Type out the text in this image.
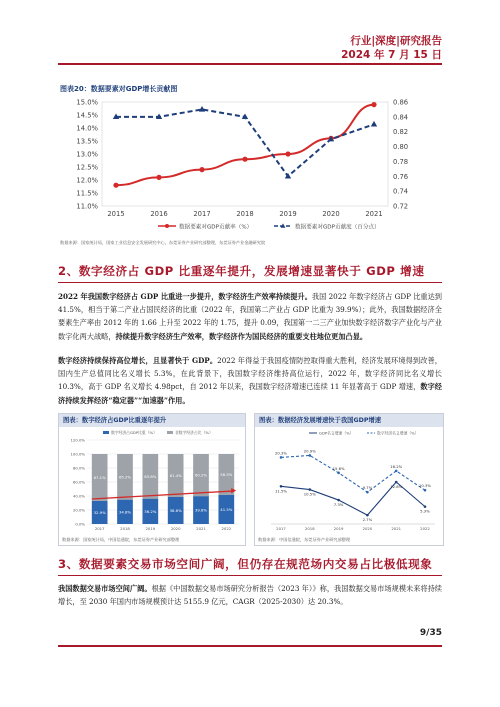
行业|深度|研究报告
2024 年 7 月 15 日
图表20：数据要素对GDP增长贡献图
11.0%
11.5%
12.0%
12.5%
13.0%
13.5%
14.0%
14.5%
15.0%
0.72
0.74
0.76
0.78
0.80
0.82
0.84
0.86
2015	2016	2017	2018	2019	2020	2021
数据要素对GDP贡献率（%）	数据要素对GDP贡献度（百分点）
数据来源：国家统计局，国家工业信息安全发展研究中心，东莞证券产业研究部整理，东莞证券产业金融研究院
2、数字经济占 GDP 比重逐年提升，发展增速显著快于 GDP 增速
2022 年我国数字经济占 GDP 比重进一步提升，数字经济生产效率持续提升。我国 2022 年数字经济占 GDP 比重达到 41.5%，相当于第二产业占国民经济的比重（2022 年，我国第二产业占 GDP 比重为 39.9%）；此外，我国数据经济全要素生产率由 2012 年的 1.66 上升至 2022 年的 1.75，提升 0.09，我国第一二三产业加快数字经济数字产业化与产业数字化两大战略，持续提升数字经济生产效率，数字经济作为国民经济的重要支柱地位更加凸显。
数字经济持续保持高位增长，且显著快于 GDP。2022 年得益于我国疫情防控取得重大胜利，经济发展环境得到改善，国内生产总值同比名义增长 5.3%，在此背景下，我国数字经济维持高位运行，2022 年，数字经济同比名义增长 10.3%，高于 GDP 名义增长 4.98pct，自 2012 年以来，我国数字经济增速已连续 11 年显著高于 GDP 增速，数字经济持续发挥经济“稳定器”“加速器”作用。
图表：数字经济占GDP比重逐年提升
0.0%
20.0%
40.0%
60.0%
80.0%
100.0%
120.0%
32.9%
67.1%
2017
34.8%
65.2%
2018
36.2%
63.8%
2019
38.6%
61.4%
2020
39.8%
60.2%
2021
41.5%
58.5%
2022
数字经济占GDP比重（%）	非数字经济占比（%）
数据来源：国家统计局，中国信通院，东莞证券产业研究部整理
图表：数据经济发展增速快于我国GDP增速
2017	2018	2019	2020	2021	2022
11.5%
10.5%
7.3%
2.7%
12.8%
5.3%
20.3%	20.9%
15.6%
9.7%
16.2%
10.3%
GDP名义增速（%）	数字经济名义增速（%）
数据来源：中国信通院，东莞证券产业研究部整理
3、数据要素交易市场空间广阔，但仍存在规范场内交易占比极低现象
我国数据交易市场空间广阔。根据《中国数据交易市场研究分析报告（2023 年）》称，我国数据交易市场规模未来将持续增长，至 2030 年国内市场规模预计达 5155.9 亿元，CAGR（2025-2030）达 20.3%。
9/35
